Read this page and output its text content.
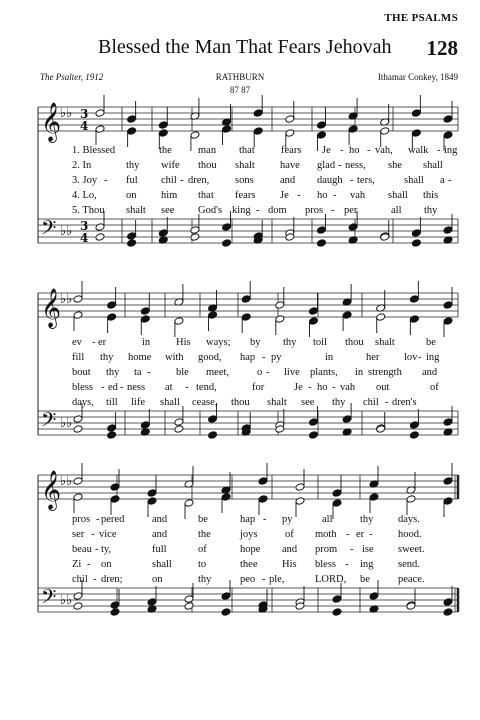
THE PSALMS
Blessed the Man That Fears Jehovah 128
The Psalter, 1912	RATHBURN
87 87
Ithamar Conkey, 1849
𝄞
♭♭ 3
4
𝄢 ♭♭ 3
4
𝄞
♭♭
𝄢 ♭♭
𝄞
♭♭
𝄢 ♭♭
1. Blessed	the man that	fears Je - ho - vah, walk - ing
2. In	thy wife thou shalt have glad - ness, she shall
3. Joy - ful chil - dren, sons	and daugh - ters,	shall a -
4. Lo,	on him that fears Je - ho - vah shall this
5. Thou shalt see God's king - dom pros - per	all thy
ev - er	in His ways; by thy toil thou shalt	be
fill thy home with good, hap - py	in	her lov - ing
bout thy ta - ble meet,	o - live plants, in strength and
bless - ed - ness at - tend,	for	Je - ho - vah out	of
days, till life shall cease, thou shalt see thy chil - dren's
pros - pered	and	be	hap - py	all	thy days.
ser - vice	and	the	joys	of moth - er - hood.
beau - ty,	full	of	hope and prom - ise sweet.
Zi - on	shall to	thee His bless - ing send.
chil - dren;	on	thy	peo - ple,	LORD, be	peace.
